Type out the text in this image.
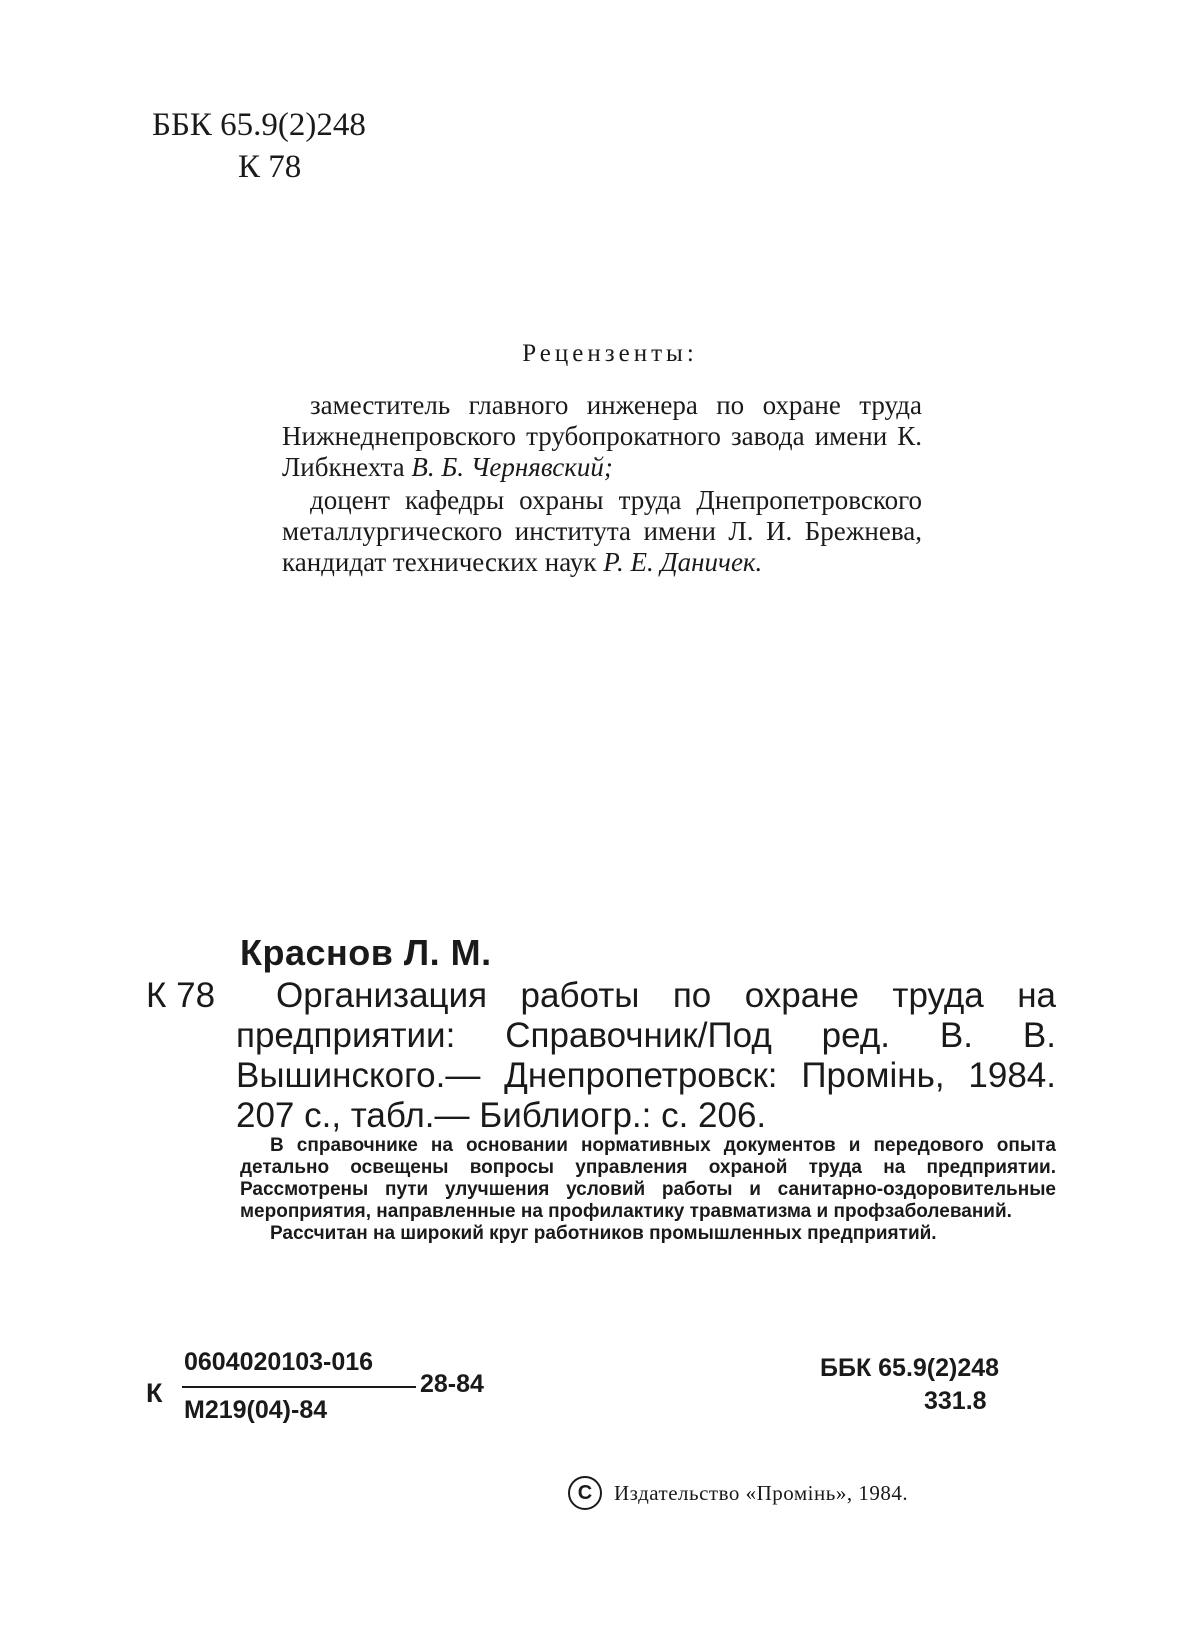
ББК 65.9(2)248
К 78
Рецензенты:

заместитель главного инженера по охране труда Нижнеднепровского трубопрокатного завода имени К. Либкнехта В. Б. Чернявский;

доцент кафедры охраны труда Днепропетровского металлургического института имени Л. И. Брежнева, кандидат технических наук Р. Е. Даничек.

Краснов Л. М.
К 78	Организация работы по охране труда на предприятии: Справочник/Под ред. В. В. Вышинского.— Днепропетровск: Промінь, 1984. 207 с., табл.— Библиогр.: с. 206.

В справочнике на основании нормативных документов и передового опыта детально освещены вопросы управления охраной труда на предприятии. Рассмотрены пути улучшения условий работы и санитарно-оздоровительные мероприятия, направленные на профилактику травматизма и профзаболеваний.

Рассчитан на широкий круг работников промышленных предприятий.

К
0604020103-016
М219(04)-84
28-84
ББК 65.9(2)248
331.8
С	Издательство «Промінь», 1984.
